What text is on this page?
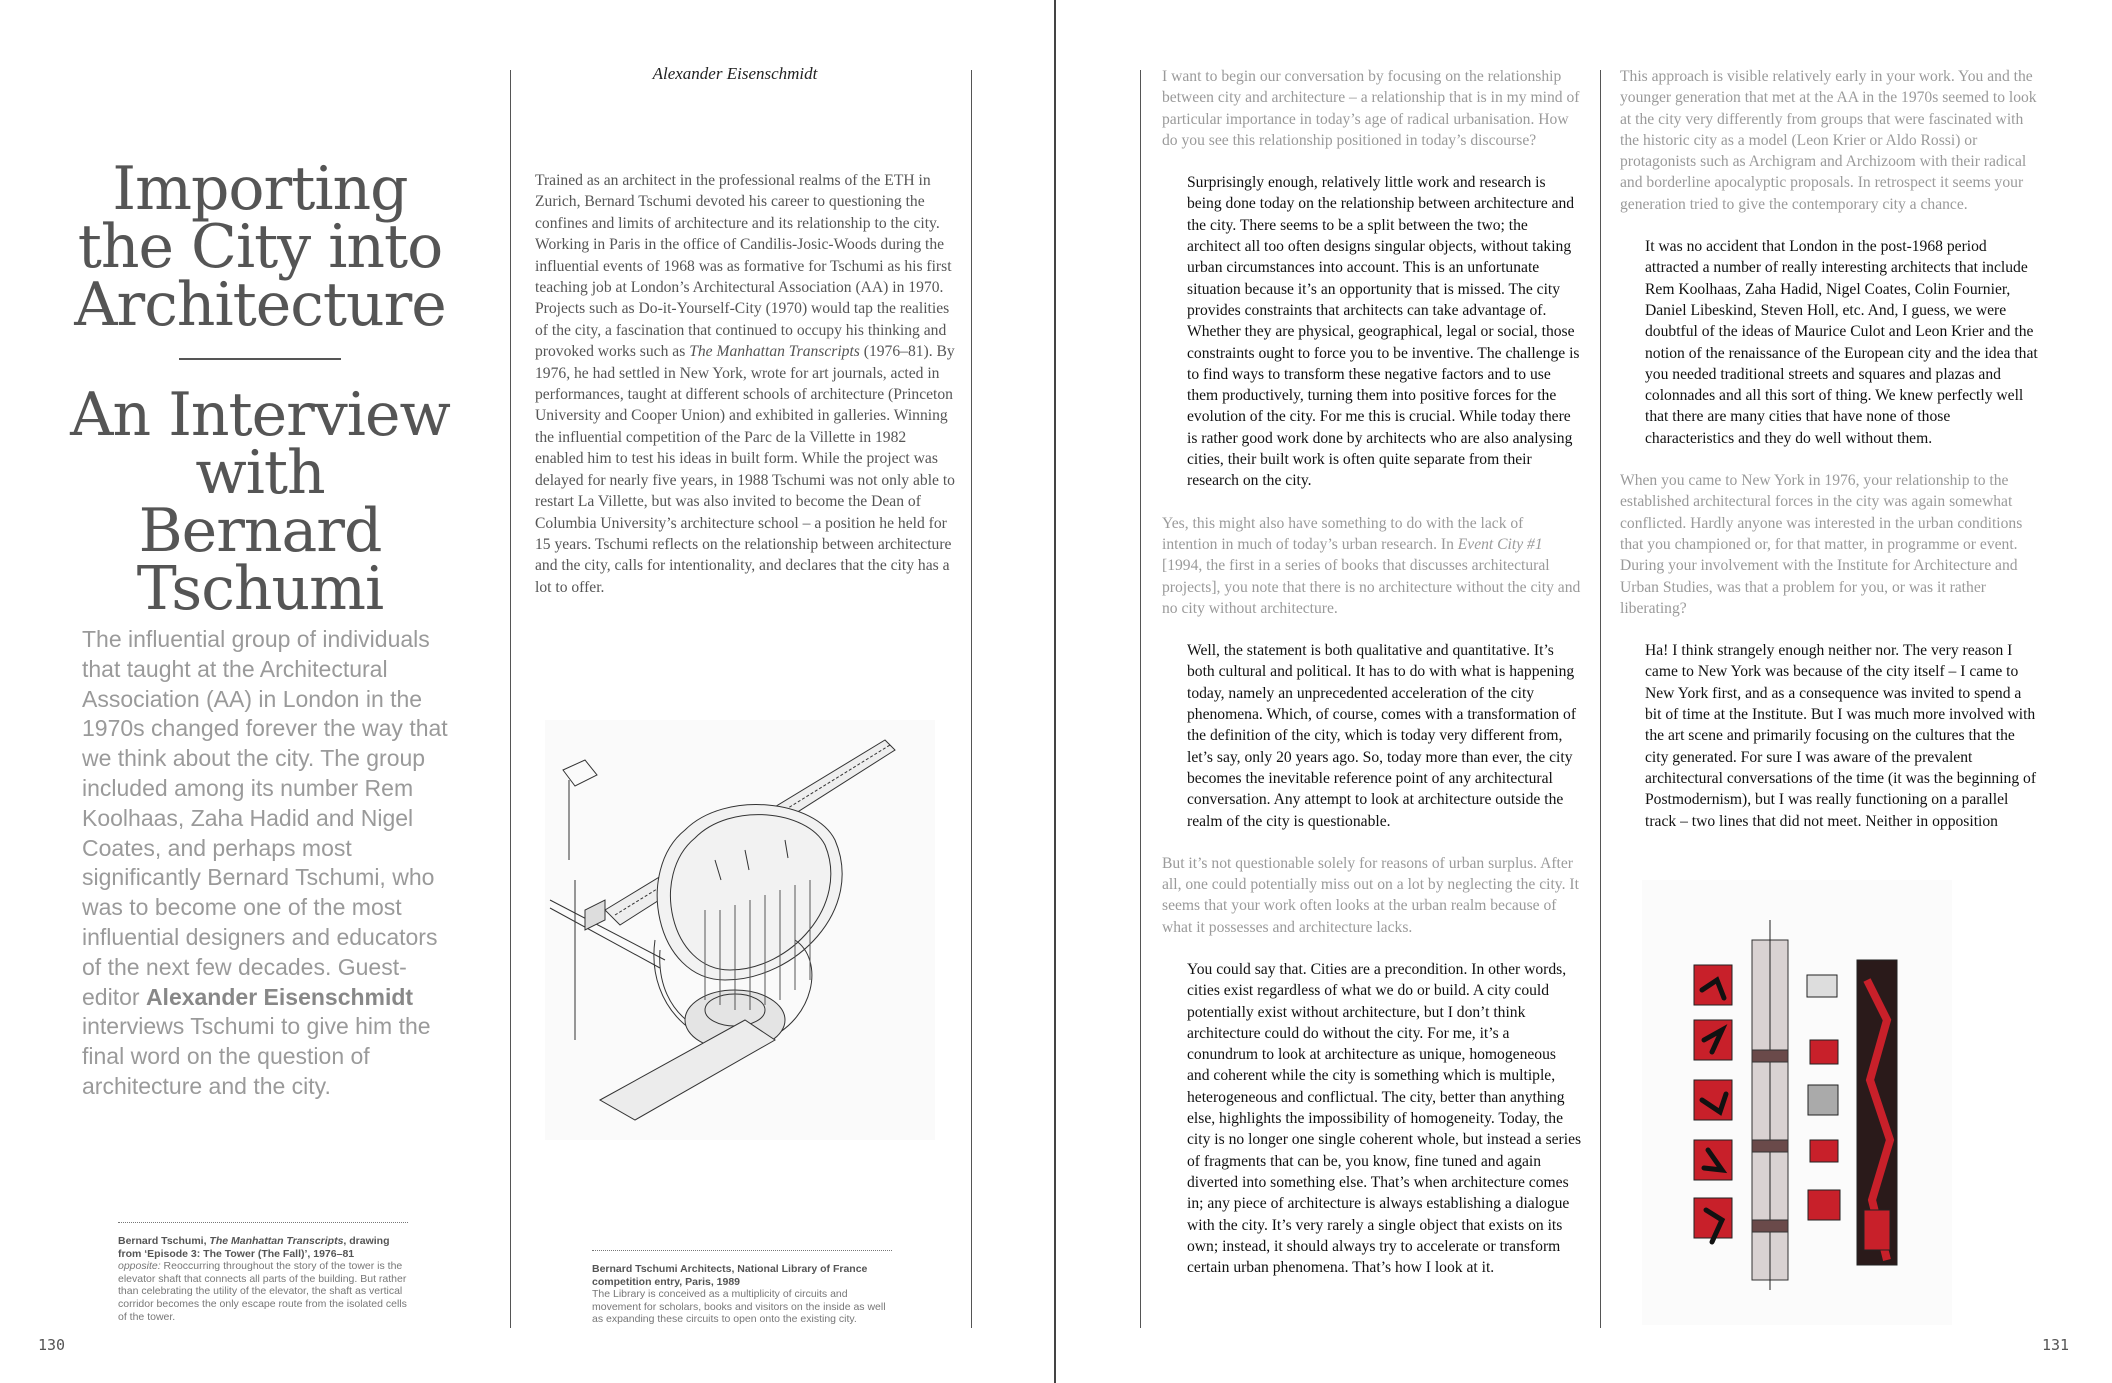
Importing
the City into
Architecture
An Interview
with Bernard
Tschumi
The influential group of individuals that taught at the Architectural Association (AA) in London in the 1970s changed forever the way that we think about the city. The group included among its number Rem Koolhaas, Zaha Hadid and Nigel Coates, and perhaps most significantly Bernard Tschumi, who was to become one of the most influential designers and educators of the next few decades. Guest-editor Alexander Eisenschmidt interviews Tschumi to give him the final word on the question of architecture and the city.
Bernard Tschumi, The Manhattan Transcripts, drawing from ‘Episode 3: The Tower (The Fall)’, 1976–81
opposite: Reoccurring throughout the story of the tower is the elevator shaft that connects all parts of the building. But rather than celebrating the utility of the elevator, the shaft as vertical corridor becomes the only escape route from the isolated cells of the tower.
130
Alexander Eisenschmidt
Trained as an architect in the professional realms of the ETH in Zurich, Bernard Tschumi devoted his career to questioning the confines and limits of architecture and its relationship to the city. Working in Paris in the office of Candilis-Josic-Woods during the influential events of 1968 was as formative for Tschumi as his first teaching job at London’s Architectural Association (AA) in 1970. Projects such as Do-it-Yourself-City (1970) would tap the realities of the city, a fascination that continued to occupy his thinking and provoked works such as The Manhattan Transcripts (1976–81). By 1976, he had settled in New York, wrote for art journals, acted in performances, taught at different schools of architecture (Princeton University and Cooper Union) and exhibited in galleries. Winning the influential competition of the Parc de la Villette in 1982 enabled him to test his ideas in built form. While the project was delayed for nearly five years, in 1988 Tschumi was not only able to restart La Villette, but was also invited to become the Dean of Columbia University’s architecture school – a position he held for 15 years. Tschumi reflects on the relationship between architecture and the city, calls for intentionality, and declares that the city has a lot to offer.
Bernard Tschumi Architects, National Library of France competition entry, Paris, 1989
The Library is conceived as a multiplicity of circuits and movement for scholars, books and visitors on the inside as well as expanding these circuits to open onto the existing city.

I want to begin our conversation by focusing on the relationship between city and architecture – a relationship that is in my mind of particular importance in today’s age of radical urbanisation. How do you see this relationship positioned in today’s discourse?

Surprisingly enough, relatively little work and research is being done today on the relationship between architecture and the city. There seems to be a split between the two; the architect all too often designs singular objects, without taking urban circumstances into account. This is an unfortunate situation because it’s an opportunity that is missed. The city provides constraints that architects can take advantage of. Whether they are physical, geographical, legal or social, those constraints ought to force you to be inventive. The challenge is to find ways to transform these negative factors and to use them productively, turning them into positive forces for the evolution of the city. For me this is crucial. While today there is rather good work done by architects who are also analysing cities, their built work is often quite separate from their research on the city.

Yes, this might also have something to do with the lack of intention in much of today’s urban research. In Event City #1 [1994, the first in a series of books that discusses architectural projects], you note that there is no architecture without the city and no city without architecture.

Well, the statement is both qualitative and quantitative. It’s both cultural and political. It has to do with what is happening today, namely an unprecedented acceleration of the city phenomena. Which, of course, comes with a transformation of the definition of the city, which is today very different from, let’s say, only 20 years ago. So, today more than ever, the city becomes the inevitable reference point of any architectural conversation. Any attempt to look at architecture outside the realm of the city is questionable.

But it’s not questionable solely for reasons of urban surplus. After all, one could potentially miss out on a lot by neglecting the city. It seems that your work often looks at the urban realm because of what it possesses and architecture lacks.

You could say that. Cities are a precondition. In other words, cities exist regardless of what we do or build. A city could potentially exist without architecture, but I don’t think architecture could do without the city. For me, it’s a conundrum to look at architecture as unique, homogeneous and coherent while the city is something which is multiple, heterogeneous and conflictual. The city, better than anything else, highlights the impossibility of homogeneity. Today, the city is no longer one single coherent whole, but instead a series of fragments that can be, you know, fine tuned and again diverted into something else. That’s when architecture comes in; any piece of architecture is always establishing a dialogue with the city. It’s very rarely a single object that exists on its own; instead, it should always try to accelerate or transform certain urban phenomena. That’s how I look at it.

This approach is visible relatively early in your work. You and the younger generation that met at the AA in the 1970s seemed to look at the city very differently from groups that were fascinated with the historic city as a model (Leon Krier or Aldo Rossi) or protagonists such as Archigram and Archizoom with their radical and borderline apocalyptic proposals. In retrospect it seems your generation tried to give the contemporary city a chance.

It was no accident that London in the post-1968 period attracted a number of really interesting architects that include Rem Koolhaas, Zaha Hadid, Nigel Coates, Colin Fournier, Daniel Libeskind, Steven Holl, etc. And, I guess, we were doubtful of the ideas of Maurice Culot and Leon Krier and the notion of the renaissance of the European city and the idea that you needed traditional streets and squares and plazas and colonnades and all this sort of thing. We knew perfectly well that there are many cities that have none of those characteristics and they do well without them.

When you came to New York in 1976, your relationship to the established architectural forces in the city was again somewhat conflicted. Hardly anyone was interested in the urban conditions that you championed or, for that matter, in programme or event. During your involvement with the Institute for Architecture and Urban Studies, was that a problem for you, or was it rather liberating?

Ha! I think strangely enough neither nor. The very reason I came to New York was because of the city itself – I came to New York first, and as a consequence was invited to spend a bit of time at the Institute. But I was much more involved with the art scene and primarily focusing on the cultures that the city generated. For sure I was aware of the prevalent architectural conversations of the time (it was the beginning of Postmodernism), but I was really functioning on a parallel track – two lines that did not meet. Neither in opposition

131
